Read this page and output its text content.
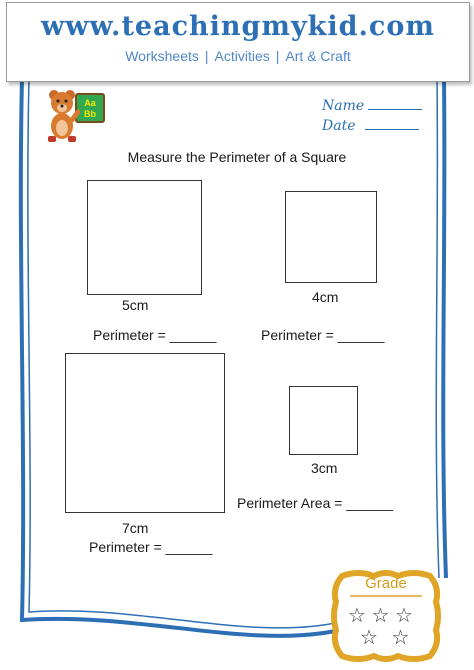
www.teachingmykid.com
Worksheets | Activities | Art & Craft
Aa
Bb	Name
Date
Measure the Perimeter of a Square
5cm
Perimeter = ______
4cm
Perimeter = ______
7cm
Perimeter = ______
3cm
Perimeter Area = ______
Grade
☆ ☆ ☆
☆ ☆
